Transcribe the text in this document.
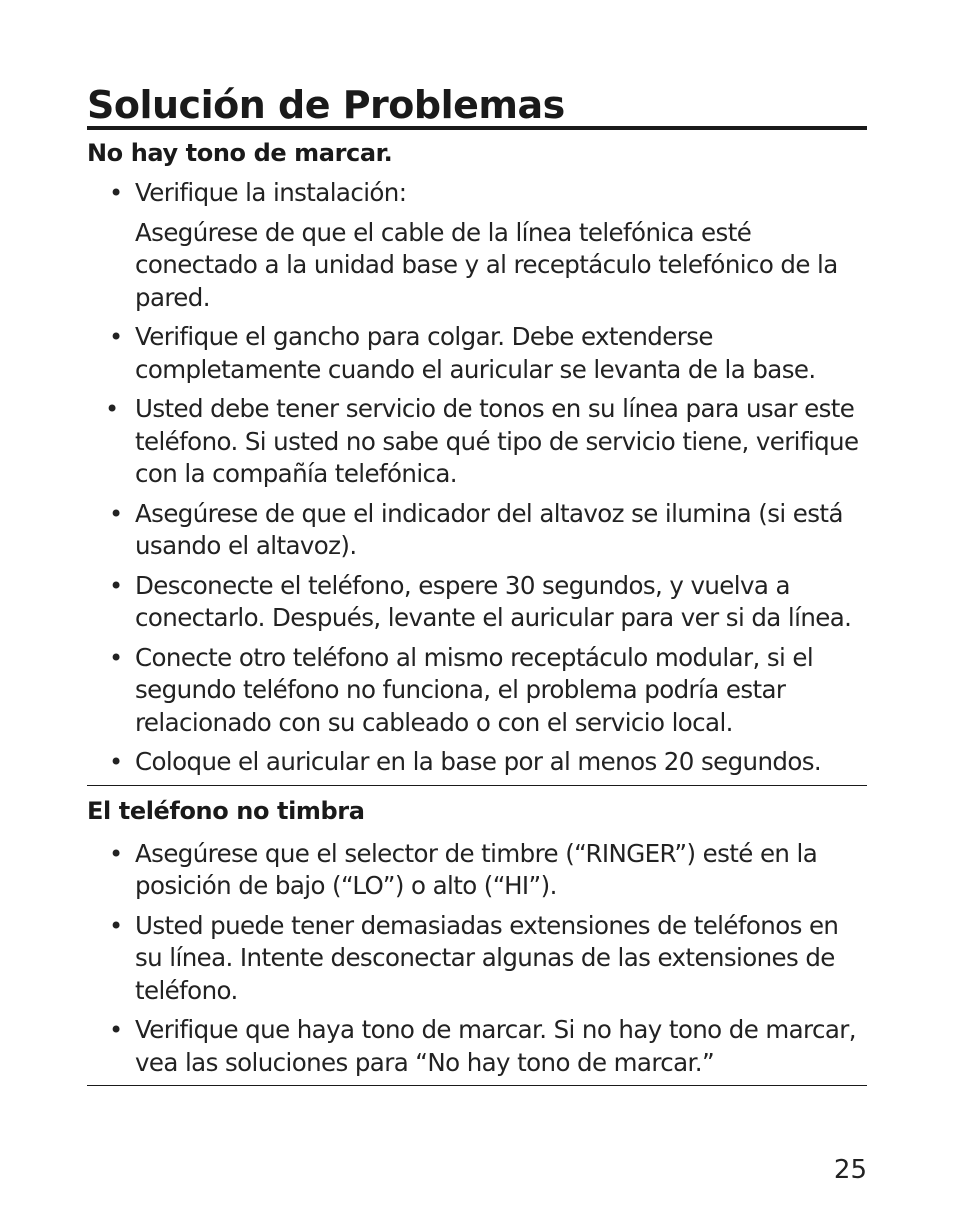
Solución de Problemas
No hay tono de marcar.
• Verifique la instalación:
Asegúrese de que el cable de la línea telefónica esté conectado a la unidad base y al receptáculo telefónico de la pared.
• Verifique el gancho para colgar. Debe extenderse completamente cuando el auricular se levanta de la base.
• Usted debe tener servicio de tonos en su línea para usar este teléfono. Si usted no sabe qué tipo de servicio tiene, verifique con la compañía telefónica.
• Asegúrese de que el indicador del altavoz se ilumina (si está usando el altavoz).
• Desconecte el teléfono, espere 30 segundos, y vuelva a conectarlo. Después, levante el auricular para ver si da línea.
• Conecte otro teléfono al mismo receptáculo modular, si el segundo teléfono no funciona, el problema podría estar relacionado con su cableado o con el servicio local.
• Coloque el auricular en la base por al menos 20 segundos.
El teléfono no timbra
• Asegúrese que el selector de timbre (“RINGER”) esté en la posición de bajo (“LO”) o alto (“HI”).
• Usted puede tener demasiadas extensiones de teléfonos en su línea. Intente desconectar algunas de las extensiones de teléfono.
• Verifique que haya tono de marcar. Si no hay tono de marcar, vea las soluciones para “No hay tono de marcar.”
25
